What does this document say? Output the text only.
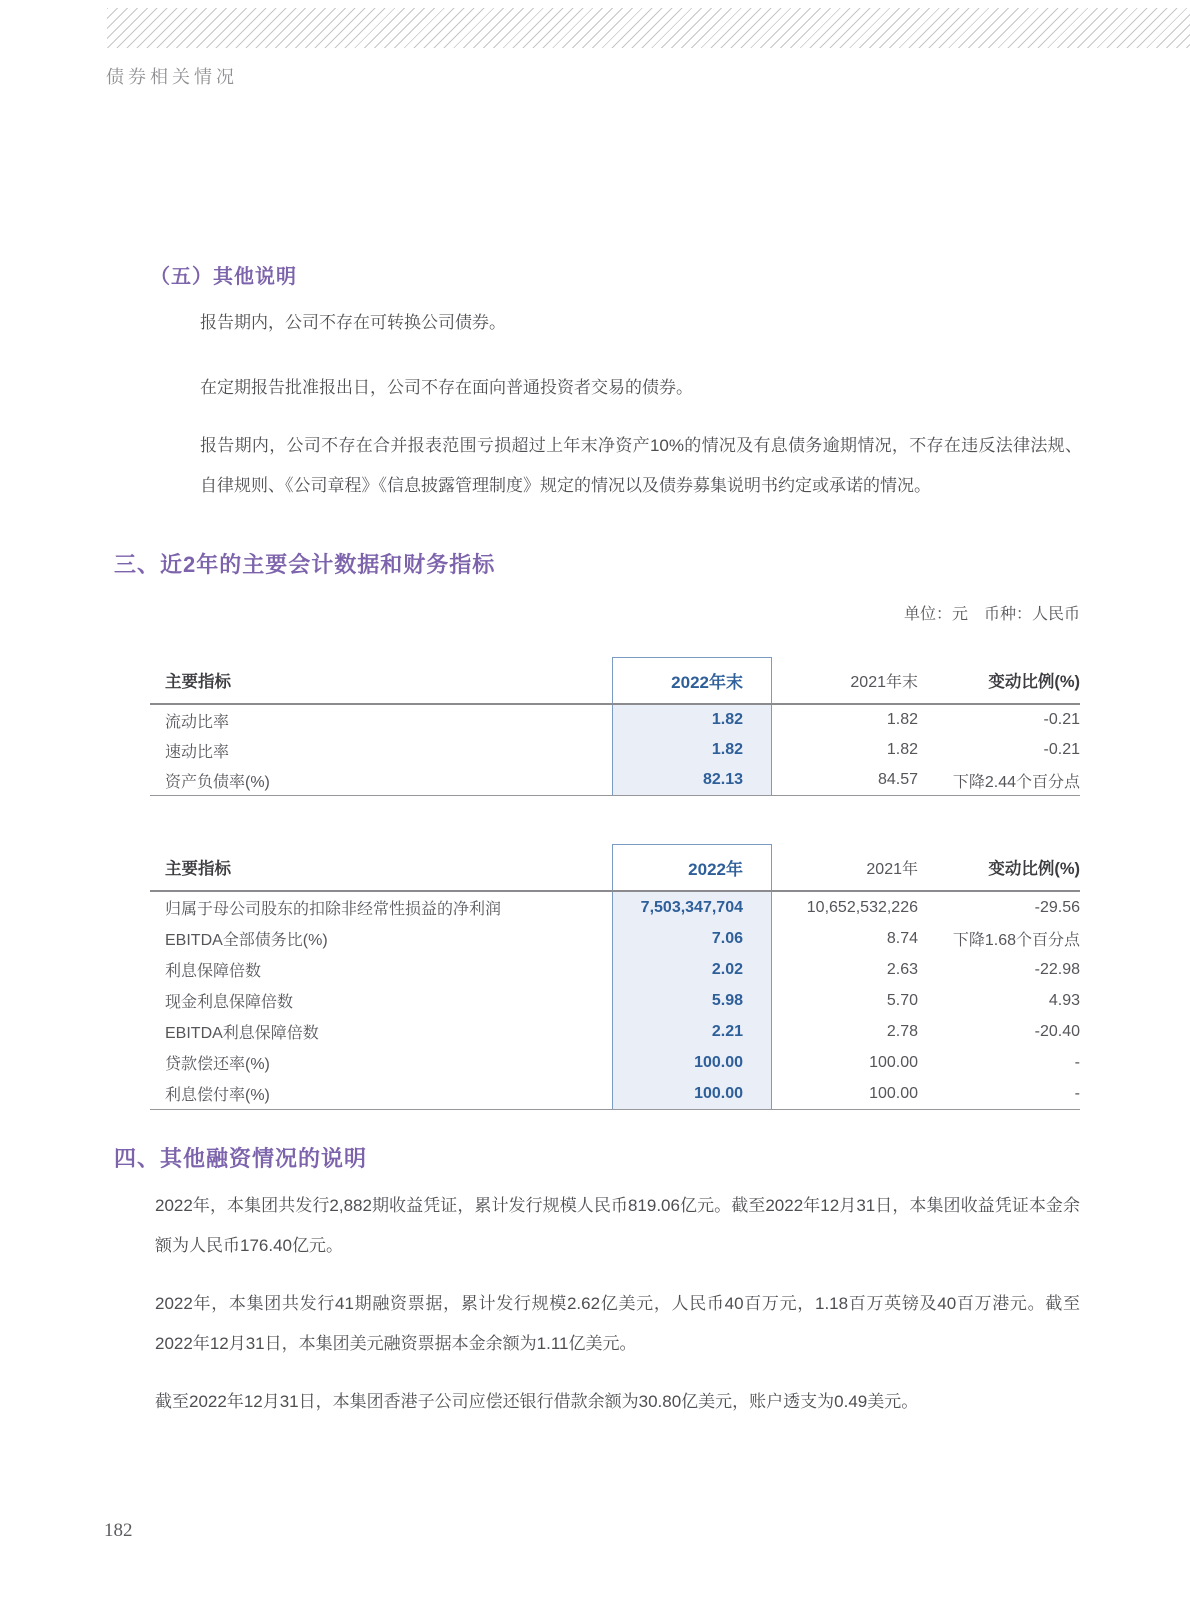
债券相关情况
（五）其他说明
报告期内，公司不存在可转换公司债券。
在定期报告批准报出日，公司不存在面向普通投资者交易的债券。
报告期内，公司不存在合并报表范围亏损超过上年末净资产10%的情况及有息债务逾期情况，不存在违反法律法规、自律规则、《公司章程》《信息披露管理制度》规定的情况以及债券募集说明书约定或承诺的情况。
三、近2年的主要会计数据和财务指标
单位：元　币种：人民币
主要指标	2022年末	2021年末	变动比例(%)
流动比率	1.82	1.82	-0.21
速动比率	1.82	1.82	-0.21
资产负债率(%)	82.13	84.57	下降2.44个百分点
主要指标	2022年	2021年	变动比例(%)
归属于母公司股东的扣除非经常性损益的净利润	7,503,347,704	10,652,532,226	-29.56
EBITDA全部债务比(%)	7.06	8.74	下降1.68个百分点
利息保障倍数	2.02	2.63	-22.98
现金利息保障倍数	5.98	5.70	4.93
EBITDA利息保障倍数	2.21	2.78	-20.40
贷款偿还率(%)	100.00	100.00	-
利息偿付率(%)	100.00	100.00	-
四、其他融资情况的说明
2022年，本集团共发行2,882期收益凭证，累计发行规模人民币819.06亿元。截至2022年12月31日，本集团收益凭证本金余额为人民币176.40亿元。
2022年，本集团共发行41期融资票据，累计发行规模2.62亿美元，人民币40百万元，1.18百万英镑及40百万港元。截至2022年12月31日，本集团美元融资票据本金余额为1.11亿美元。
截至2022年12月31日，本集团香港子公司应偿还银行借款余额为30.80亿美元，账户透支为0.49美元。
182
